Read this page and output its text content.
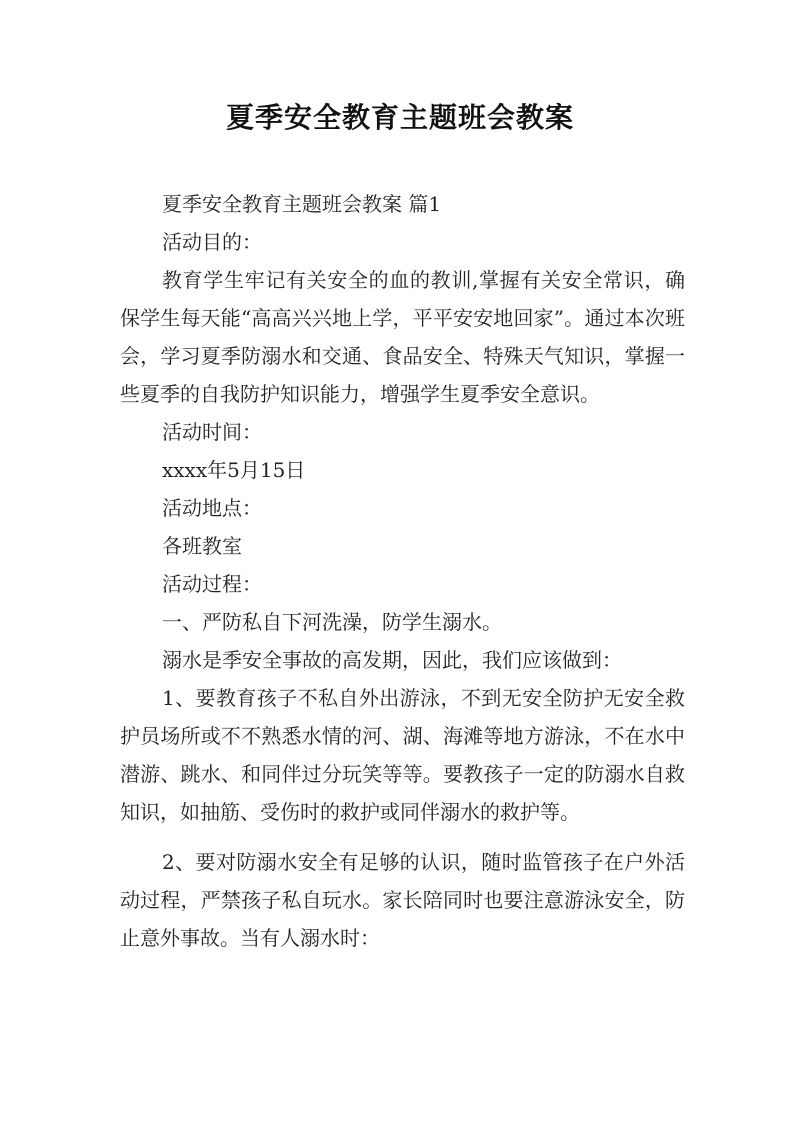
夏季安全教育主题班会教案

夏季安全教育主题班会教案 篇1

活动目的：

教育学生牢记有关安全的血的教训,掌握有关安全常识，确保学生每天能“高高兴兴地上学，平平安安地回家”。通过本次班会，学习夏季防溺水和交通、食品安全、特殊天气知识，掌握一些夏季的自我防护知识能力，增强学生夏季安全意识。

活动时间：

xxxx年5月15日

活动地点：

各班教室

活动过程：

一、严防私自下河洗澡，防学生溺水。

溺水是季安全事故的高发期，因此，我们应该做到：

1、要教育孩子不私自外出游泳，不到无安全防护无安全救护员场所或不不熟悉水情的河、湖、海滩等地方游泳，不在水中潜游、跳水、和同伴过分玩笑等等。要教孩子一定的防溺水自救知识，如抽筋、受伤时的救护或同伴溺水的救护等。

2、要对防溺水安全有足够的认识，随时监管孩子在户外活动过程，严禁孩子私自玩水。家长陪同时也要注意游泳安全，防止意外事故。当有人溺水时：
